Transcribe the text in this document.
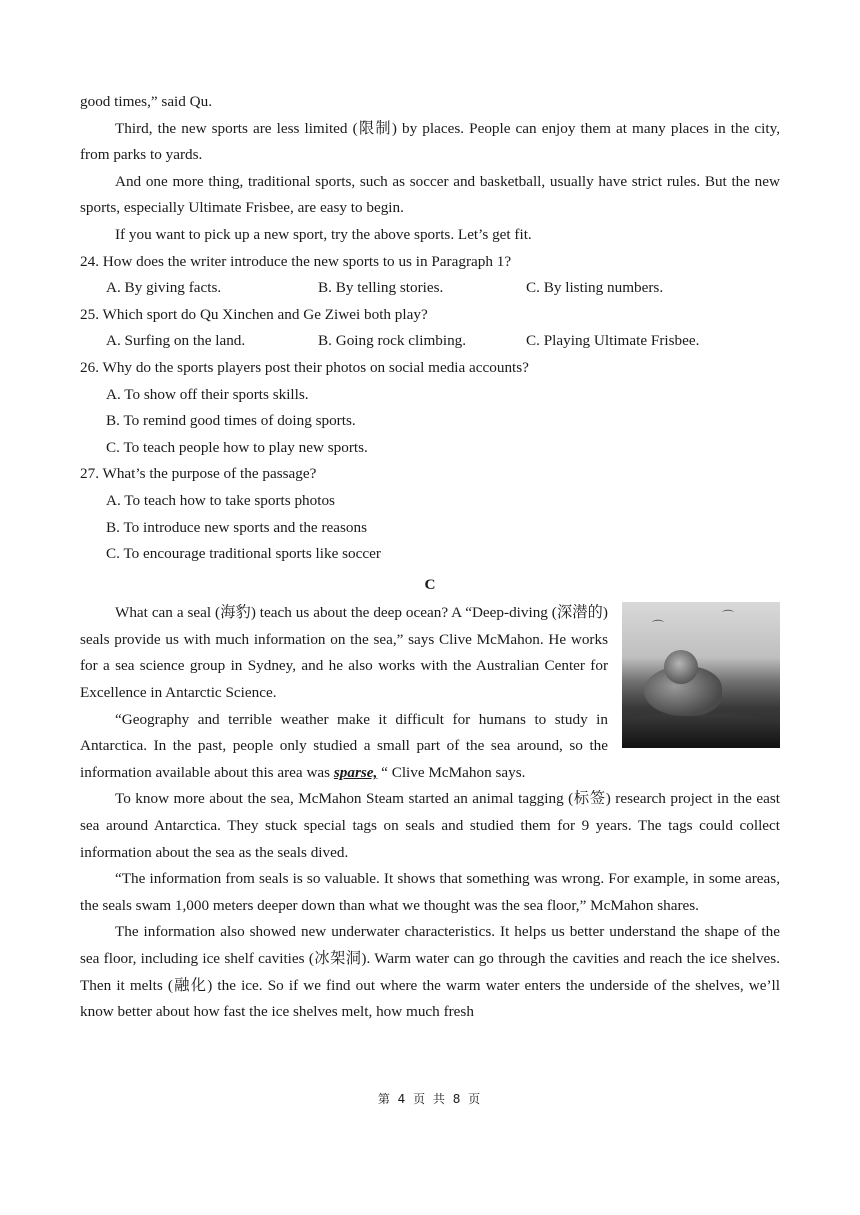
good times,” said Qu.

Third, the new sports are less limited (限制) by places. People can enjoy them at many places in the city, from parks to yards.

And one more thing, traditional sports, such as soccer and basketball, usually have strict rules. But the new sports, especially Ultimate Frisbee, are easy to begin.

If you want to pick up a new sport, try the above sports. Let’s get fit.

24. How does the writer introduce the new sports to us in Paragraph 1?

A. By giving facts.	B. By telling stories.	C. By listing numbers.

25. Which sport do Qu Xinchen and Ge Ziwei both play?

A. Surfing on the land.	B. Going rock climbing.	C. Playing Ultimate Frisbee.

26. Why do the sports players post their photos on social media accounts?

A. To show off their sports skills.

B. To remind good times of doing sports.

C. To teach people how to play new sports.

27. What’s the purpose of the passage?

A. To teach how to take sports photos

B. To introduce new sports and the reasons

C. To encourage traditional sports like soccer

C

⌒
⌒

What can a seal (海豹) teach us about the deep ocean? A “Deep-diving (深潜的) seals provide us with much information on the sea,” says Clive McMahon. He works for a sea science group in Sydney, and he also works with the Australian Center for Excellence in Antarctic Science.

“Geography and terrible weather make it difficult for humans to study in Antarctica. In the past, people only studied a small part of the sea around, so the information available about this area was sparse, “ Clive McMahon says.

To know more about the sea, McMahon Steam started an animal tagging (标签) research project in the east sea around Antarctica. They stuck special tags on seals and studied them for 9 years. The tags could collect information about the sea as the seals dived.

“The information from seals is so valuable. It shows that something was wrong. For example, in some areas, the seals swam 1,000 meters deeper down than what we thought was the sea floor,” McMahon shares.

The information also showed new underwater characteristics. It helps us better understand the shape of the sea floor, including ice shelf cavities (冰架洞). Warm water can go through the cavities and reach the ice shelves. Then it melts (融化) the ice. So if we find out where the warm water enters the underside of the shelves, we’ll know better about how fast the ice shelves melt, how much fresh

第 4 页 共 8 页
